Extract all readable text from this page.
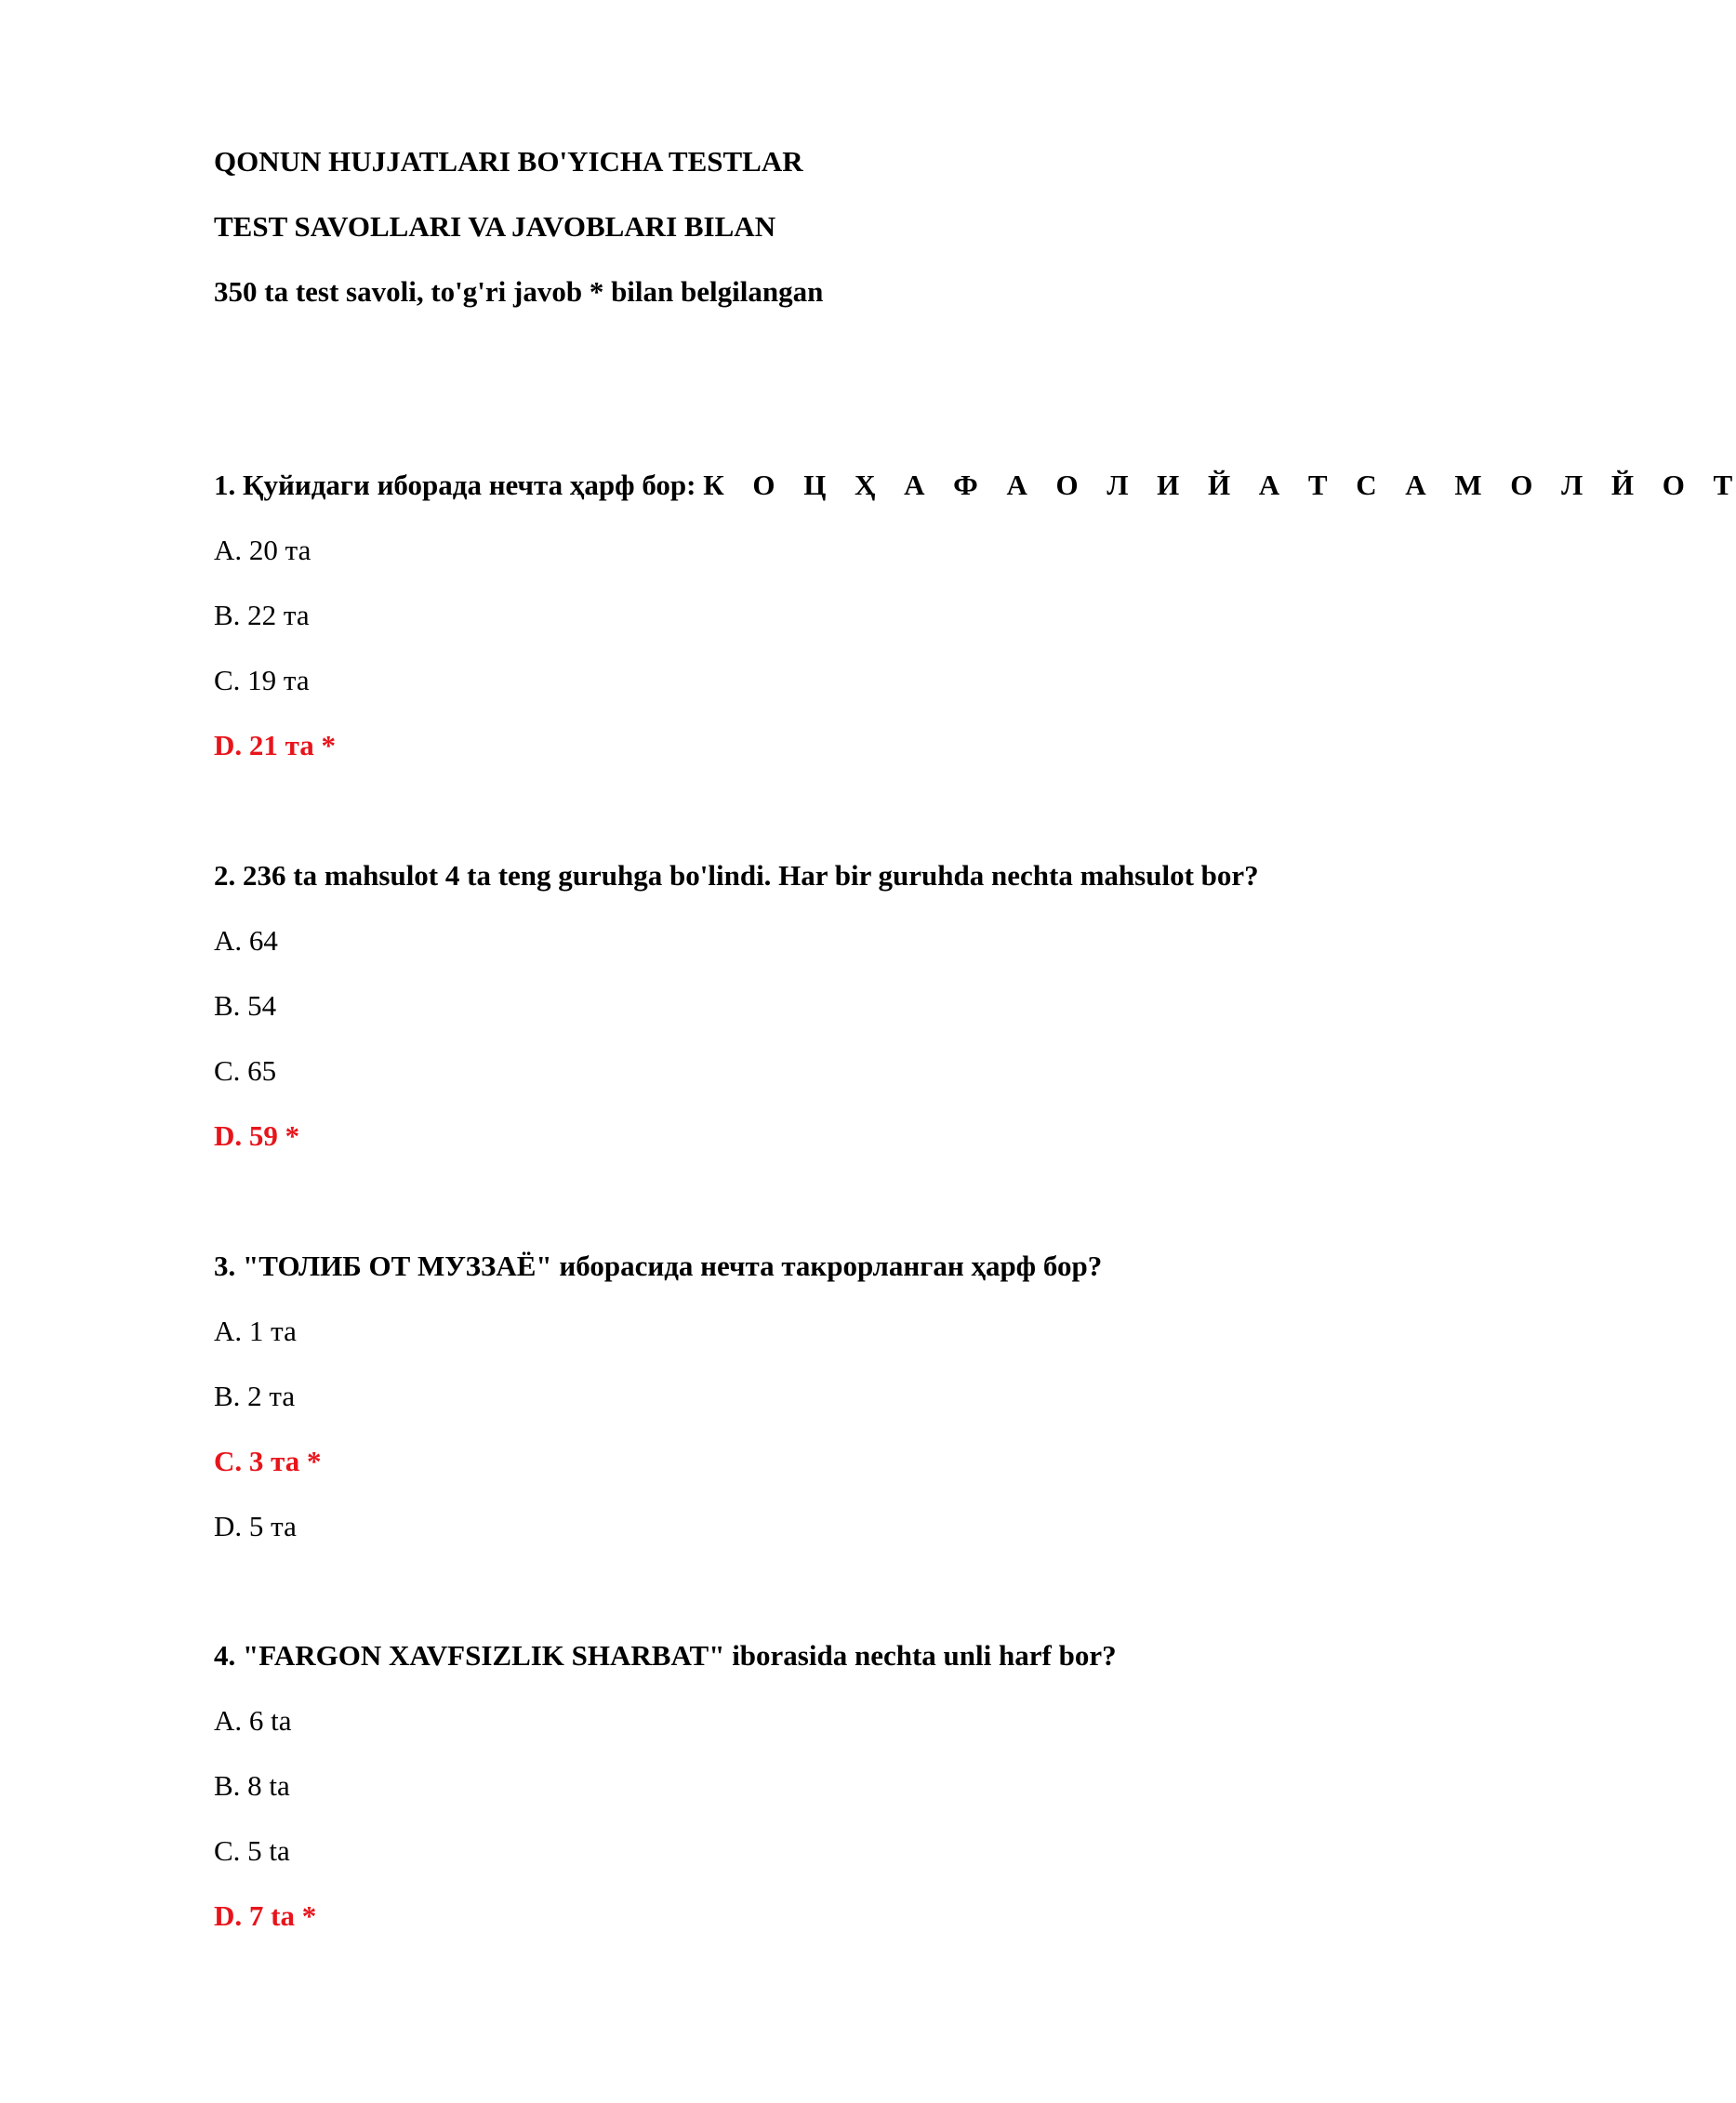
QONUN HUJJATLARI BO'YICHA TESTLAR
TEST SAVOLLARI VA JAVOBLARI BILAN
350 ta test savoli, to'g'ri javob * bilan belgilangan
1. Қуйидаги иборада нечта ҳарф бор: К О Ц Ҳ А Ф А О Л И Й А Т С А М О Л Й О Т
A. 20 та
B. 22 та
C. 19 та
D. 21 та *
2. 236 ta mahsulot 4 ta teng guruhga bo'lindi. Har bir guruhda nechta mahsulot bor?
A. 64
B. 54
C. 65
D. 59 *
3. "ТОЛИБ ОТ МУЗЗАЁ" иборасида нечта такрорланган ҳарф бор?
A. 1 та
B. 2 та
C. 3 та *
D. 5 та
4. "FARGON XAVFSIZLIK SHARBAT" iborasida nechta unli harf bor?
A. 6 ta
B. 8 ta
C. 5 ta
D. 7 ta *
